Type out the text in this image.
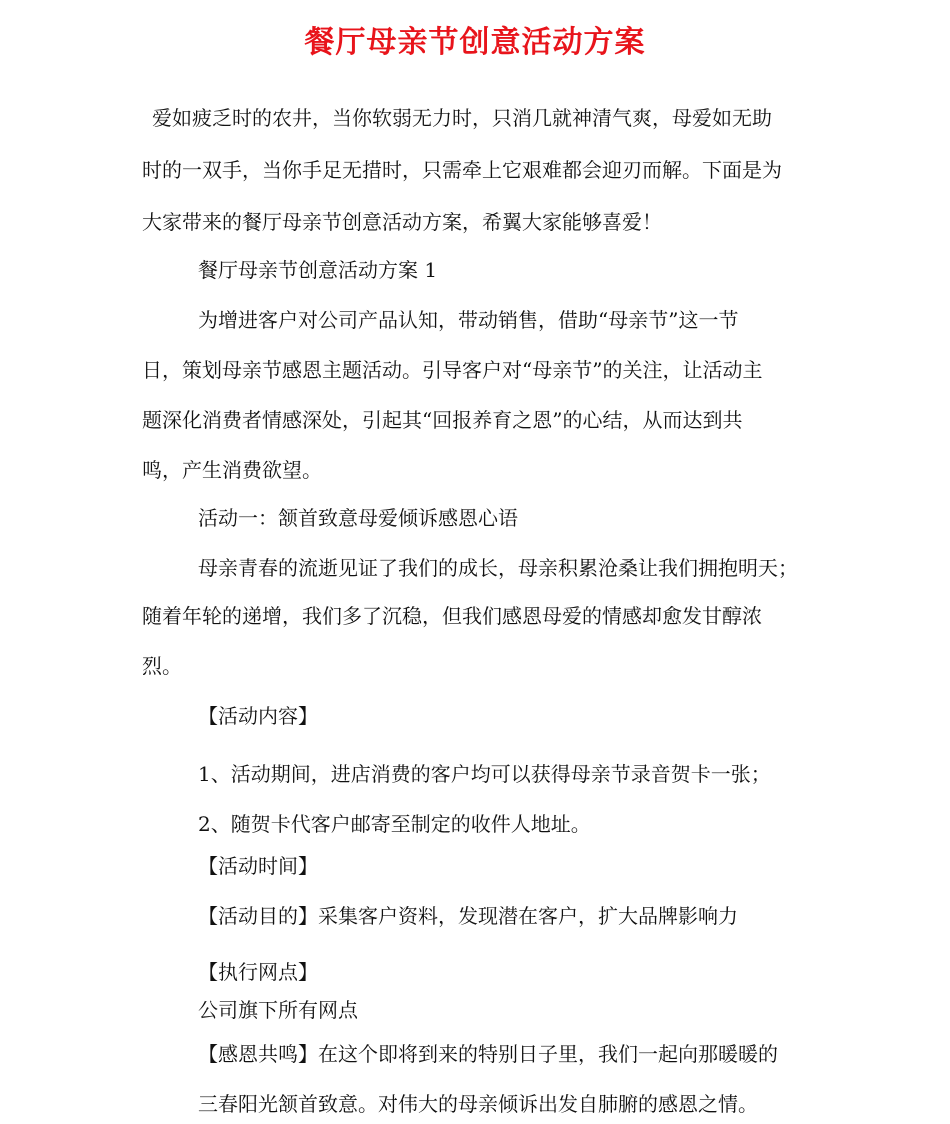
餐厅母亲节创意活动方案
爱如疲乏时的农井，当你软弱无力时，只消几就神清气爽，母爱如无助
时的一双手，当你手足无措时，只需牵上它艰难都会迎刃而解。下面是为
大家带来的餐厅母亲节创意活动方案，希翼大家能够喜爱！
餐厅母亲节创意活动方案 1
为增进客户对公司产品认知，带动销售，借助“母亲节”这一节
日，策划母亲节感恩主题活动。引导客户对“母亲节”的关注，让活动主
题深化消费者情感深处，引起其“回报养育之恩”的心结，从而达到共
鸣，产生消费欲望。
活动一：颔首致意母爱倾诉感恩心语
母亲青春的流逝见证了我们的成长，母亲积累沧桑让我们拥抱明天；
随着年轮的递增，我们多了沉稳，但我们感恩母爱的情感却愈发甘醇浓
烈。
【活动内容】
1、活动期间，进店消费的客户均可以获得母亲节录音贺卡一张；
2、随贺卡代客户邮寄至制定的收件人地址。
【活动时间】
【活动目的】采集客户资料，发现潜在客户，扩大品牌影响力
【执行网点】
公司旗下所有网点
【感恩共鸣】在这个即将到来的特别日子里，我们一起向那暖暖的
三春阳光颔首致意。对伟大的母亲倾诉出发自肺腑的感恩之情。
